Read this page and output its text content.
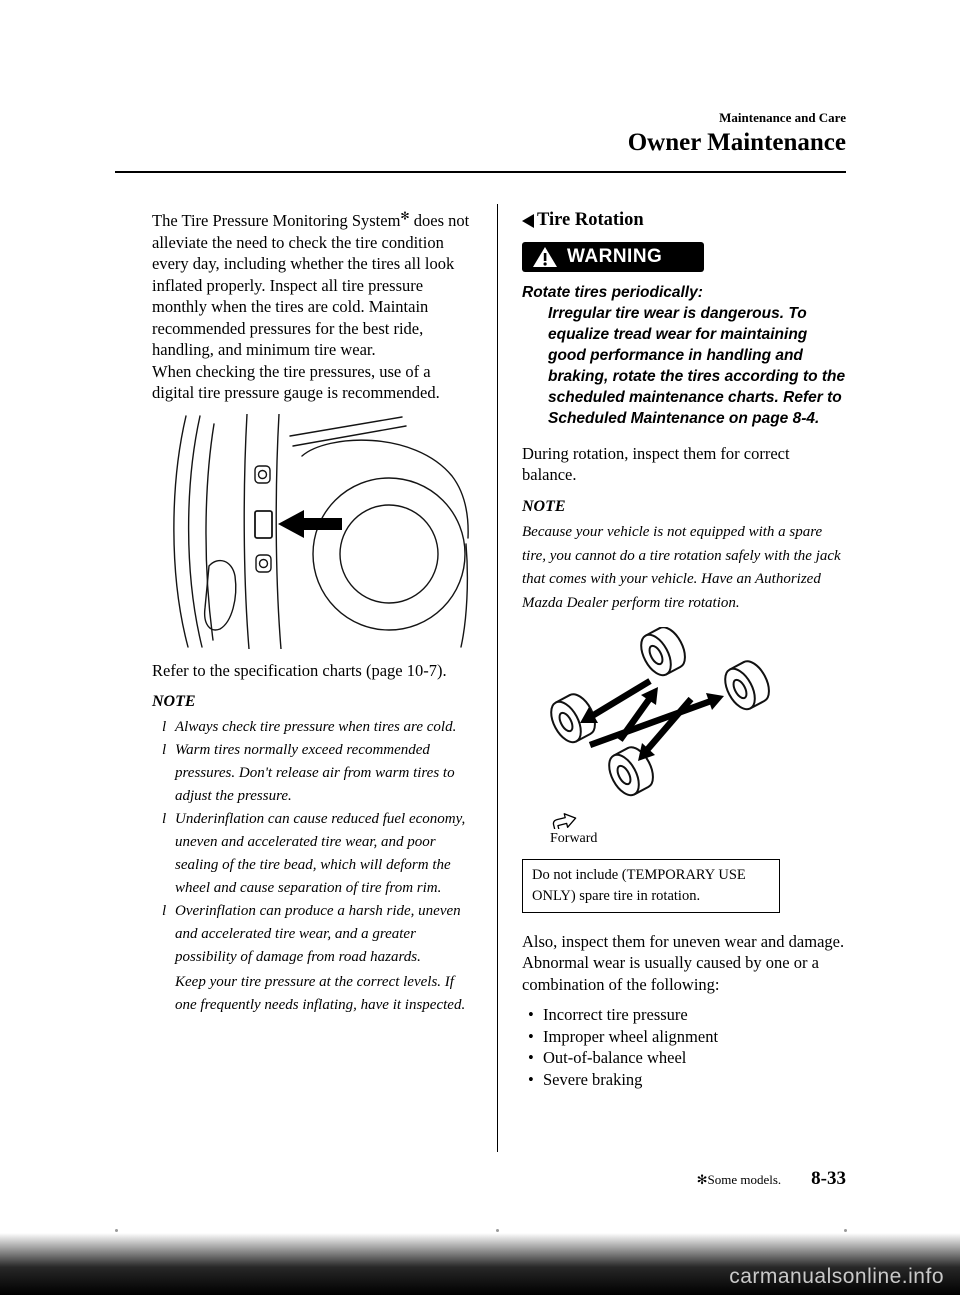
Maintenance and Care
Owner Maintenance

The Tire Pressure Monitoring System✻ does not alleviate the need to check the tire condition every day, including whether the tires all look inflated properly. Inspect all tire pressure monthly when the tires are cold. Maintain recommended pressures for the best ride, handling, and minimum tire wear.

When checking the tire pressures, use of a digital tire pressure gauge is recommended.

Refer to the specification charts (page 10-7).

NOTE
l Always check tire pressure when tires are cold.
l Warm tires normally exceed recommended pressures. Don't release air from warm tires to adjust the pressure.
l Underinflation can cause reduced fuel economy, uneven and accelerated tire wear, and poor sealing of the tire bead, which will deform the wheel and cause separation of tire from rim.
l Overinflation can produce a harsh ride, uneven and accelerated tire wear, and a greater possibility of damage from road hazards.
Keep your tire pressure at the correct levels. If one frequently needs inflating, have it inspected.
Tire Rotation
WARNING
Rotate tires periodically:
Irregular tire wear is dangerous. To equalize tread wear for maintaining good performance in handling and braking, rotate the tires according to the scheduled maintenance charts. Refer to Scheduled Maintenance on page 8-4.

During rotation, inspect them for correct balance.

NOTE
Because your vehicle is not equipped with a spare tire, you cannot do a tire rotation safely with the jack that comes with your vehicle. Have an Authorized Mazda Dealer perform tire rotation.
Forward
Do not include (TEMPORARY USE ONLY) spare tire in rotation.

Also, inspect them for uneven wear and damage. Abnormal wear is usually caused by one or a combination of the following:

• Incorrect tire pressure
• Improper wheel alignment
• Out-of-balance wheel
• Severe braking
✻Some models. 8-33
carmanualsonline.info
